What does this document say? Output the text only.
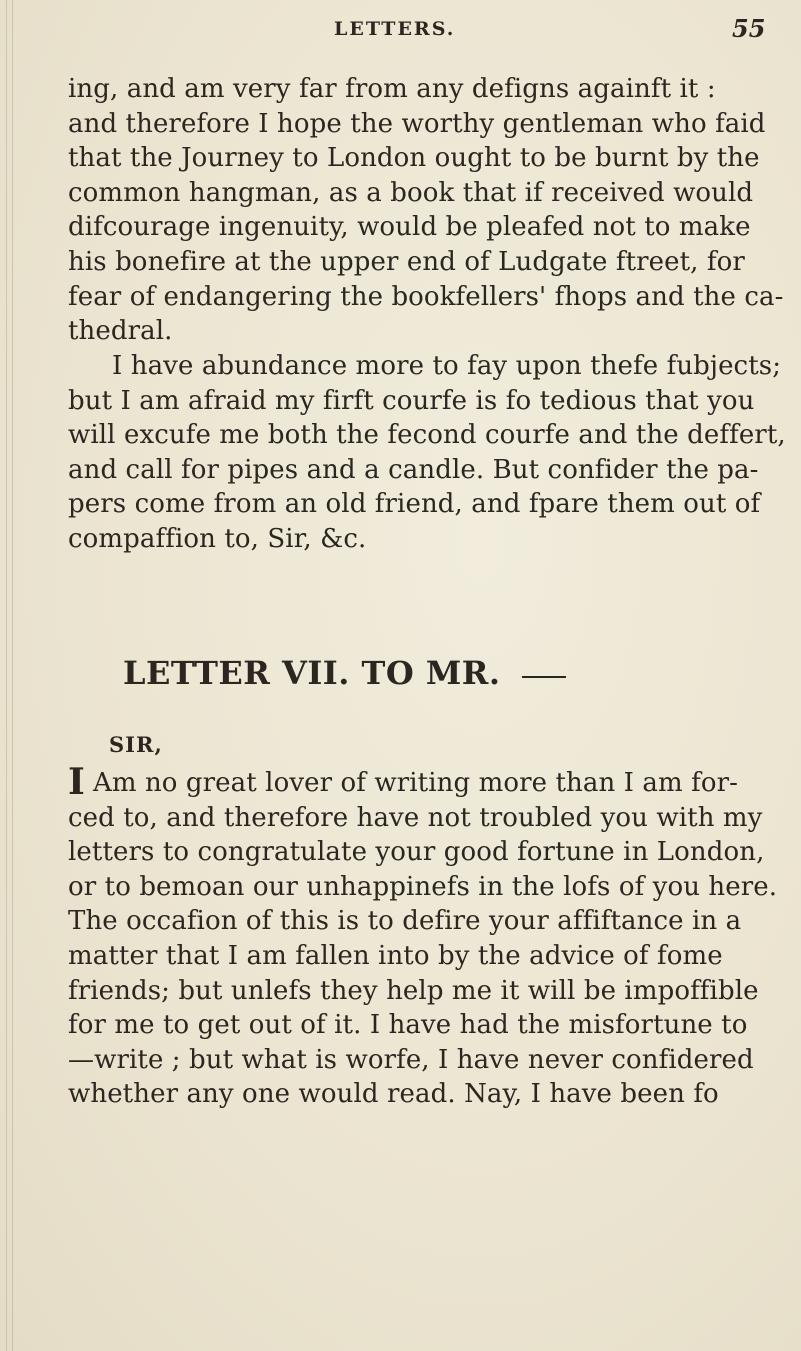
LETTERS.	55
ing, and am very far from any defigns againft it :
and therefore I hope the worthy gentleman who faid
that the Journey to London ought to be burnt by the
common hangman, as a book that if received would
difcourage ingenuity, would be pleafed not to make
his bonefire at the upper end of Ludgate ftreet, for
fear of endangering the bookfellers' fhops and the ca-
thedral.
I have abundance more to fay upon thefe fubjects;
but I am afraid my firft courfe is fo tedious that you
will excufe me both the fecond courfe and the deffert,
and call for pipes and a candle. But confider the pa-
pers come from an old friend, and fpare them out of
compaffion to, Sir, &c.
LETTER VII. TO MR.
SIR,
I Am no great lover of writing more than I am for-
ced to, and therefore have not troubled you with my
letters to congratulate your good fortune in London,
or to bemoan our unhappinefs in the lofs of you here.
The occafion of this is to defire your affiftance in a
matter that I am fallen into by the advice of fome
friends; but unlefs they help me it will be impoffible
for me to get out of it. I have had the misfortune to
—write ; but what is worfe, I have never confidered
whether any one would read. Nay, I have been fo
